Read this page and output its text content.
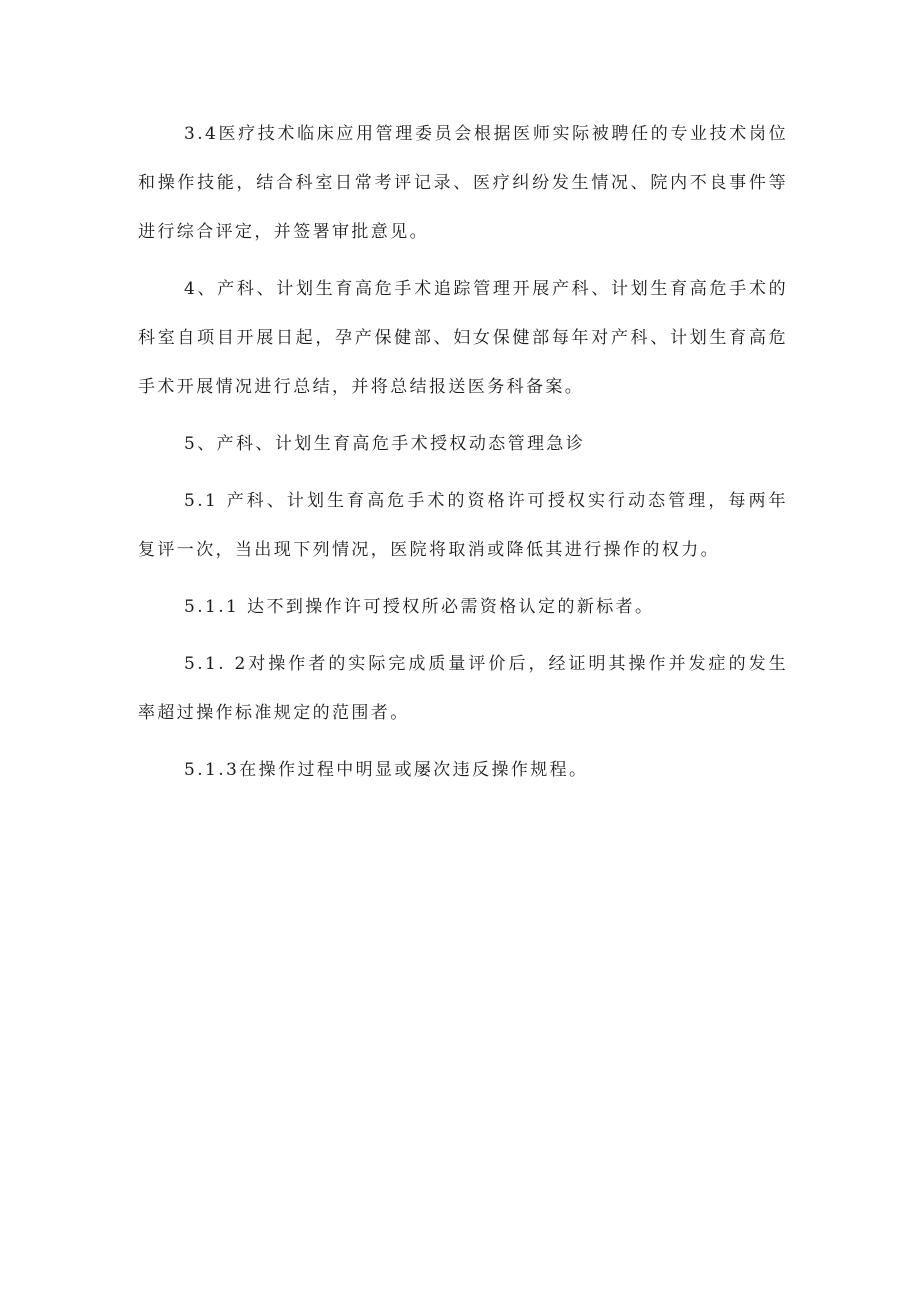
3.4医疗技术临床应用管理委员会根据医师实际被聘任的专业技术岗位和操作技能，结合科室日常考评记录、医疗纠纷发生情况、院内不良事件等进行综合评定，并签署审批意见。

4、产科、计划生育高危手术追踪管理开展产科、计划生育高危手术的科室自项目开展日起，孕产保健部、妇女保健部每年对产科、计划生育高危手术开展情况进行总结，并将总结报送医务科备案。

5、产科、计划生育高危手术授权动态管理急诊

5.1 产科、计划生育高危手术的资格许可授权实行动态管理，每两年复评一次，当出现下列情况，医院将取消或降低其进行操作的权力。

5.1.1 达不到操作许可授权所必需资格认定的新标者。

5.1. 2对操作者的实际完成质量评价后，经证明其操作并发症的发生率超过操作标准规定的范围者。

5.1.3在操作过程中明显或屡次违反操作规程。
